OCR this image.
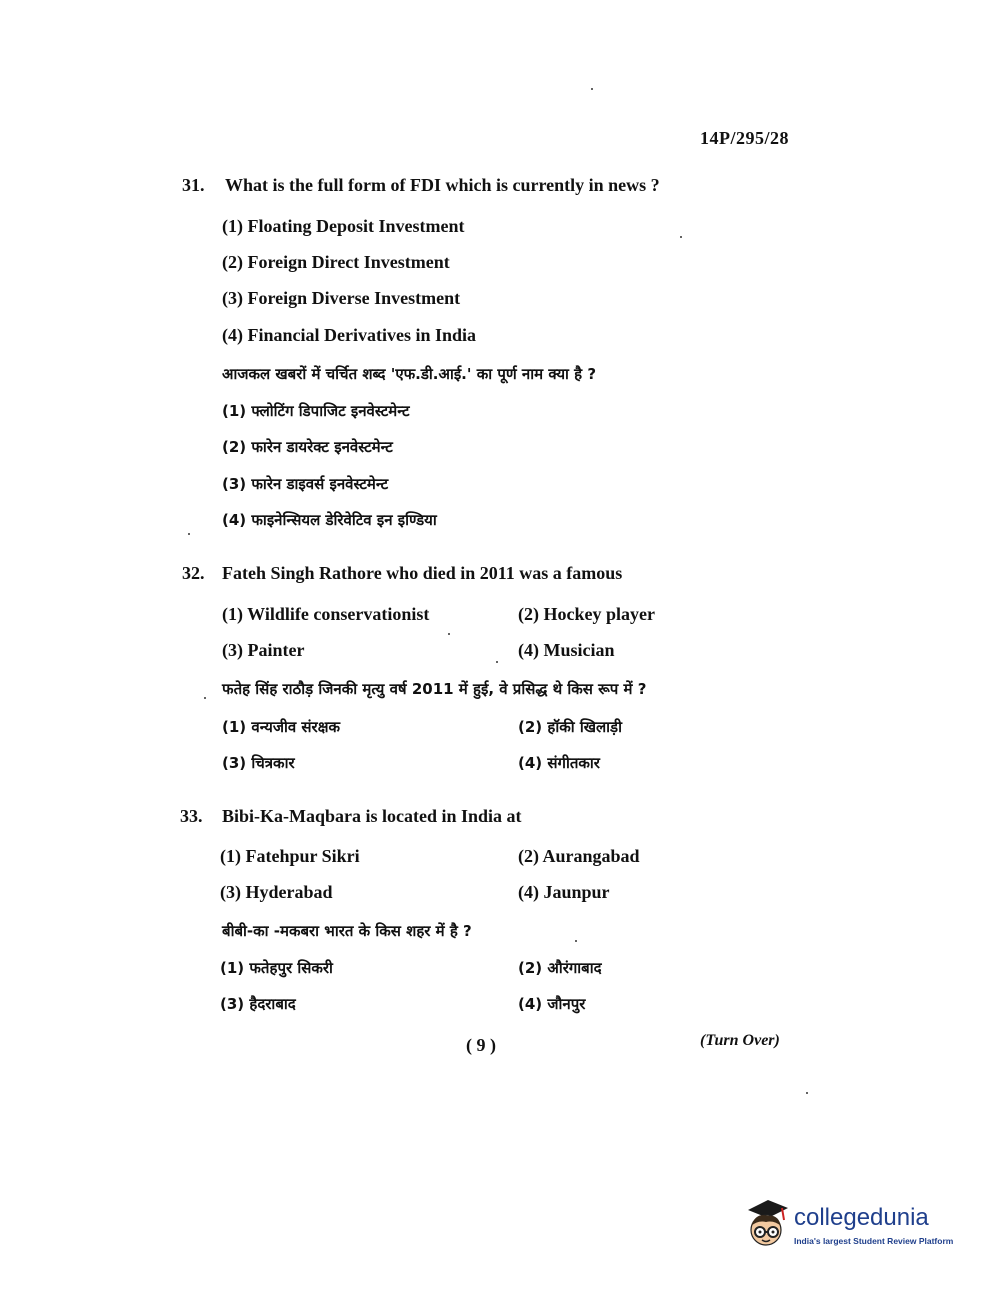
14P/295/28
31. What is the full form of FDI which is currently in news ?
(1) Floating Deposit Investment
(2) Foreign Direct Investment
(3) Foreign Diverse Investment
(4) Financial Derivatives in India
आजकल खबरों में चर्चित शब्द 'एफ.डी.आई.' का पूर्ण नाम क्या है ?
(1) फ्लोटिंग डिपाजिट इनवेस्टमेन्ट
(2) फारेन डायरेक्ट इनवेस्टमेन्ट
(3) फारेन डाइवर्स इनवेस्टमेन्ट
(4) फाइनेन्सियल डेरिवेटिव इन इण्डिया
32. Fateh Singh Rathore who died in 2011 was a famous
(1) Wildlife conservationist	(2) Hockey player
(3) Painter	(4) Musician
फतेह सिंह राठौड़ जिनकी मृत्यु वर्ष 2011 में हुई, वे प्रसिद्ध थे किस रूप में ?
(1) वन्यजीव संरक्षक	(2) हॉकी खिलाड़ी
(3) चित्रकार	(4) संगीतकार
33. Bibi-Ka-Maqbara is located in India at
(1) Fatehpur Sikri	(2) Aurangabad
(3) Hyderabad	(4) Jaunpur
बीबी-का -मकबरा भारत के किस शहर में है ?
(1) फतेहपुर सिकरी	(2) औरंगाबाद
(3) हैदराबाद	(4) जौनपुर
( 9 )	(Turn Over)
collegedunia
India's largest Student Review Platform
